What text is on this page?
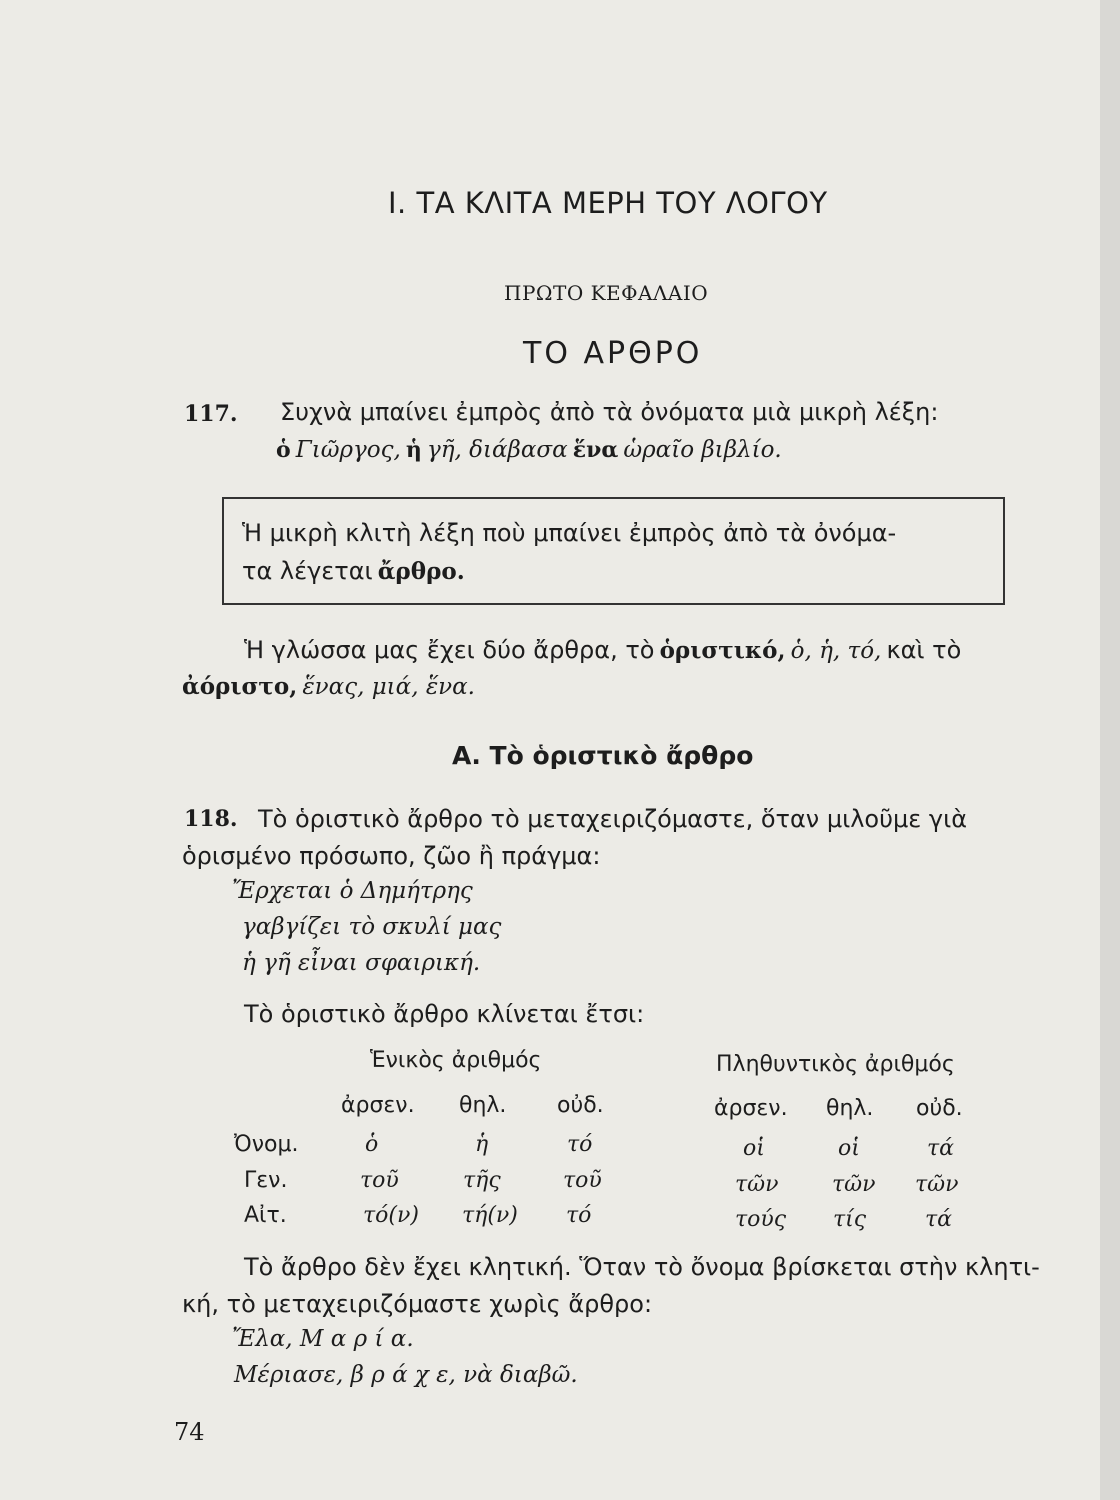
Ι. ΤΑ ΚΛΙΤΑ ΜΕΡΗ ΤΟΥ ΛΟΓΟΥ
ΠΡΩΤΟ ΚΕΦΑΛΑΙΟ
ΤΟ ΑΡΘΡΟ
117. Συχνὰ μπαίνει ἐμπρὸς ἀπὸ τὰ ὀνόματα μιὰ μικρὴ λέξη:
ὁ Γιῶργος, ἡ γῆ, διάβασα ἕνα ὡραῖο βιβλίο.
Ἡ μικρὴ κλιτὴ λέξη ποὺ μπαίνει ἐμπρὸς ἀπὸ τὰ ὀνόμα-
τα λέγεται ἄρθρο.
Ἡ γλώσσα μας ἔχει δύο ἄρθρα, τὸ ὁριστικό, ὁ, ἡ, τό, καὶ τὸ
ἀόριστο, ἕνας, μιά, ἕνα.
Α. Τὸ ὁριστικὸ ἄρθρο
118. Τὸ ὁριστικὸ ἄρθρο τὸ μεταχειριζόμαστε, ὅταν μιλοῦμε γιὰ
ὁρισμένο πρόσωπο, ζῶο ἢ πράγμα:
Ἔρχεται ὁ Δημήτρης
γαβγίζει τὸ σκυλί μας
ἡ γῆ εἶναι σφαιρική.
Τὸ ὁριστικὸ ἄρθρο κλίνεται ἔτσι:
Ἑνικὸς ἀριθμός	Πληθυντικὸς ἀριθμός
ἀρσεν. θηλ. οὐδ.	ἀρσεν. θηλ. οὐδ.
Ὀνομ.	ὁ	ἡ	τό	οἱ	οἱ	τά
Γεν.	τοῦ	τῆς	τοῦ	τῶν τῶν τῶν
Αἰτ.	τό(ν) τή(ν) τό	τούς τίς	τά
Τὸ ἄρθρο δὲν ἔχει κλητική. Ὅταν τὸ ὄνομα βρίσκεται στὴν κλητι-
κή, τὸ μεταχειριζόμαστε χωρὶς ἄρθρο:
Ἔλα, Μ α ρ ί α.
Μέριασε, β ρ ά χ ε, νὰ διαβῶ.
74
